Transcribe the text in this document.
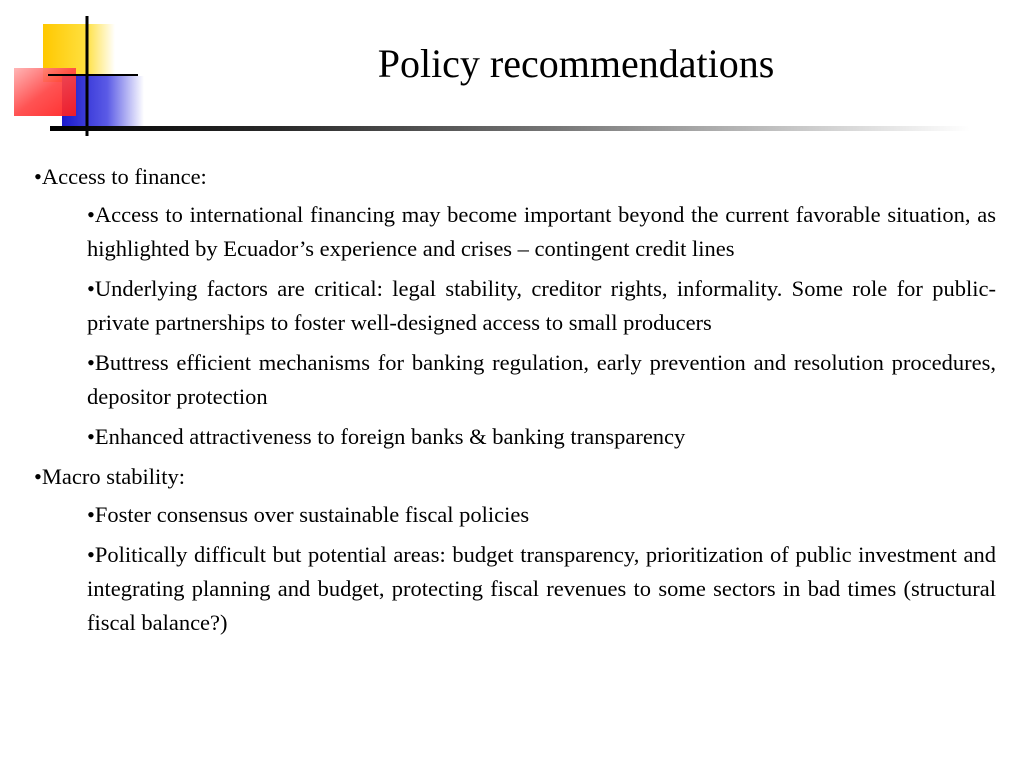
Policy recommendations
•Access to finance:
•Access to international financing may become important beyond the current favorable situation, as highlighted by Ecuador’s experience and crises – contingent credit lines
•Underlying factors are critical: legal stability, creditor rights, informality. Some role for public-private partnerships to foster well-designed access to small producers
•Buttress efficient mechanisms for banking regulation, early prevention and resolution procedures, depositor protection
•Enhanced attractiveness to foreign banks & banking transparency
•Macro stability:
•Foster consensus over sustainable fiscal policies
•Politically difficult but potential areas: budget transparency, prioritization of public investment and integrating planning and budget, protecting fiscal revenues to some sectors in bad times (structural fiscal balance?)
